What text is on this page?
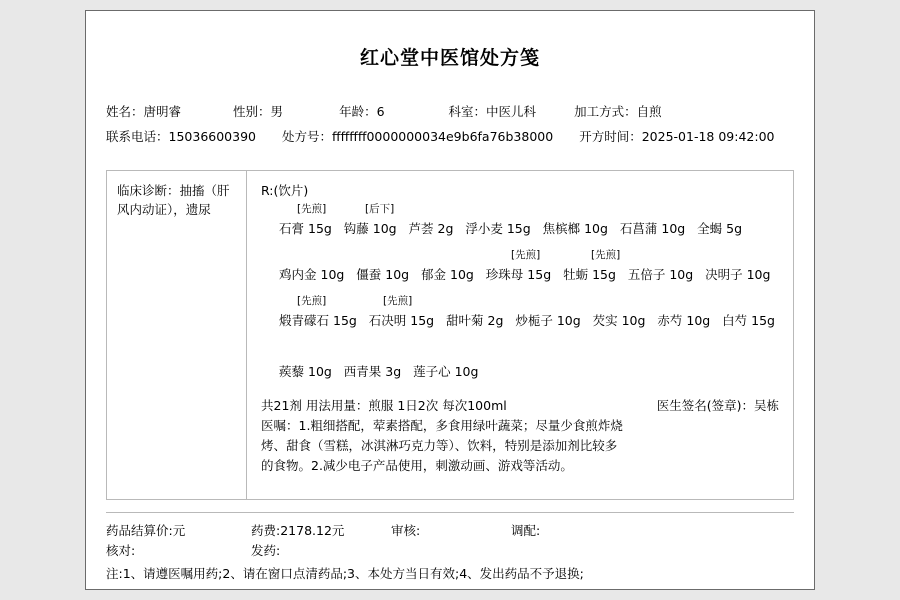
红心堂中医馆处方笺
姓名： 唐明睿	性别： 男	年龄： 6	科室： 中医儿科	加工方式： 自煎
联系电话： 15036600390 处方号： ffffffff0000000034e9b6fa76b38000 开方时间： 2025-01-18 09:42:00
临床诊断：抽搐（肝风内动证），遗尿
R:(饮片)
[先煎]	[后下]
石膏 15g 钩藤 10g 芦荟 2g 浮小麦 15g 焦槟榔 10g 石菖蒲 10g 全蝎 5g
[先煎]	[先煎]
鸡内金 10g 僵蚕 10g 郁金 10g 珍珠母 15g 牡蛎 15g 五倍子 10g 决明子 10g
[先煎]	[先煎]
煅青礞石 15g 石决明 15g 甜叶菊 2g 炒栀子 10g 芡实 10g 赤芍 10g 白芍 15g
蒺藜 10g 西青果 3g 莲子心 10g
共21剂 用法用量：煎服 1日2次 每次100ml	医生签名(签章)：吴栋
医嘱：1.粗细搭配，荤素搭配，多食用绿叶蔬菜；尽量少食煎炸烧
烤、甜食（雪糕，冰淇淋巧克力等）、饮料，特别是添加剂比较多
的食物。2.减少电子产品使用，刺激动画、游戏等活动。
药品结算价:元	药费:2178.12元	审核:	调配:
核对:	发药:
注:1、请遵医嘱用药;2、请在窗口点清药品;3、本处方当日有效;4、发出药品不予退换;
